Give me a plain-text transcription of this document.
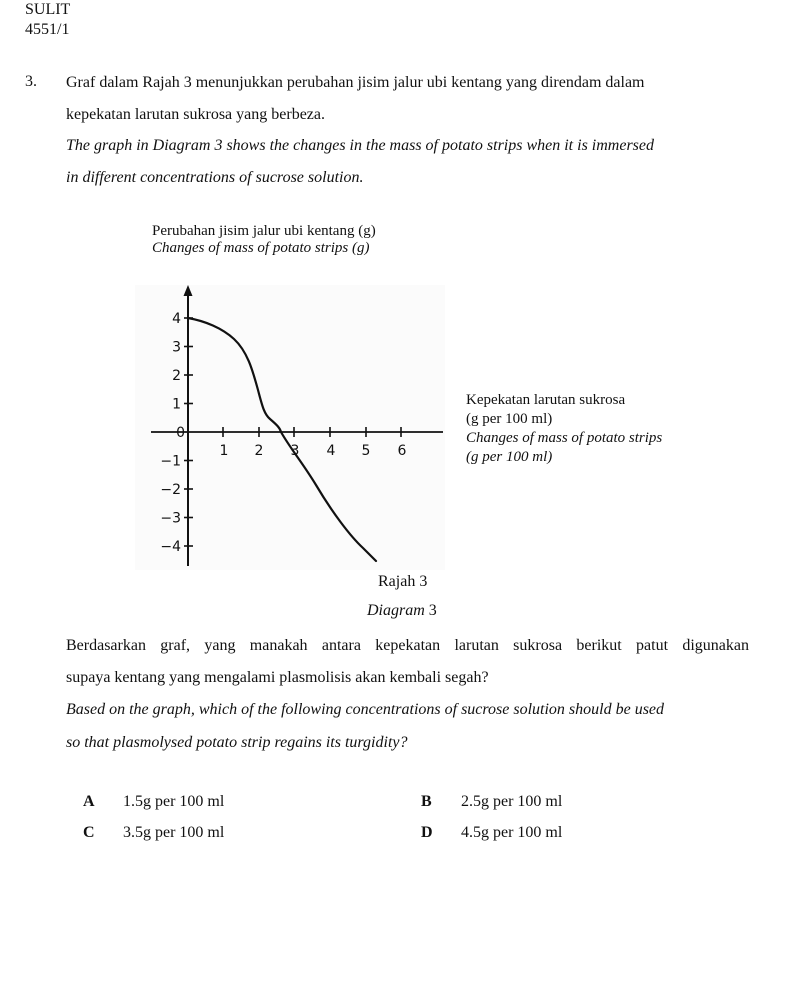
SULIT
4551/1
3. Graf dalam Rajah 3 menunjukkan perubahan jisim jalur ubi kentang yang direndam dalam
kepekatan larutan sukrosa yang berbeza.
The graph in Diagram 3 shows the changes in the mass of potato strips when it is immersed
in different concentrations of sucrose solution.
Perubahan jisim jalur ubi kentang (g)
Changes of mass of potato strips (g)
4
3
2
1
0
−1
−2
−3
−4
1 2 3 4 5 6
Kepekatan larutan sukrosa
(g per 100 ml)
Changes of mass of potato strips
(g per 100 ml)
Rajah 3
Diagram 3
Berdasarkan graf, yang manakah antara kepekatan larutan sukrosa berikut patut digunakan
supaya kentang yang mengalami plasmolisis akan kembali segah?
Based on the graph, which of the following concentrations of sucrose solution should be used
so that plasmolysed potato strip regains its turgidity?
A 1.5g per 100 ml	B 2.5g per 100 ml
C 3.5g per 100 ml	D 4.5g per 100 ml
